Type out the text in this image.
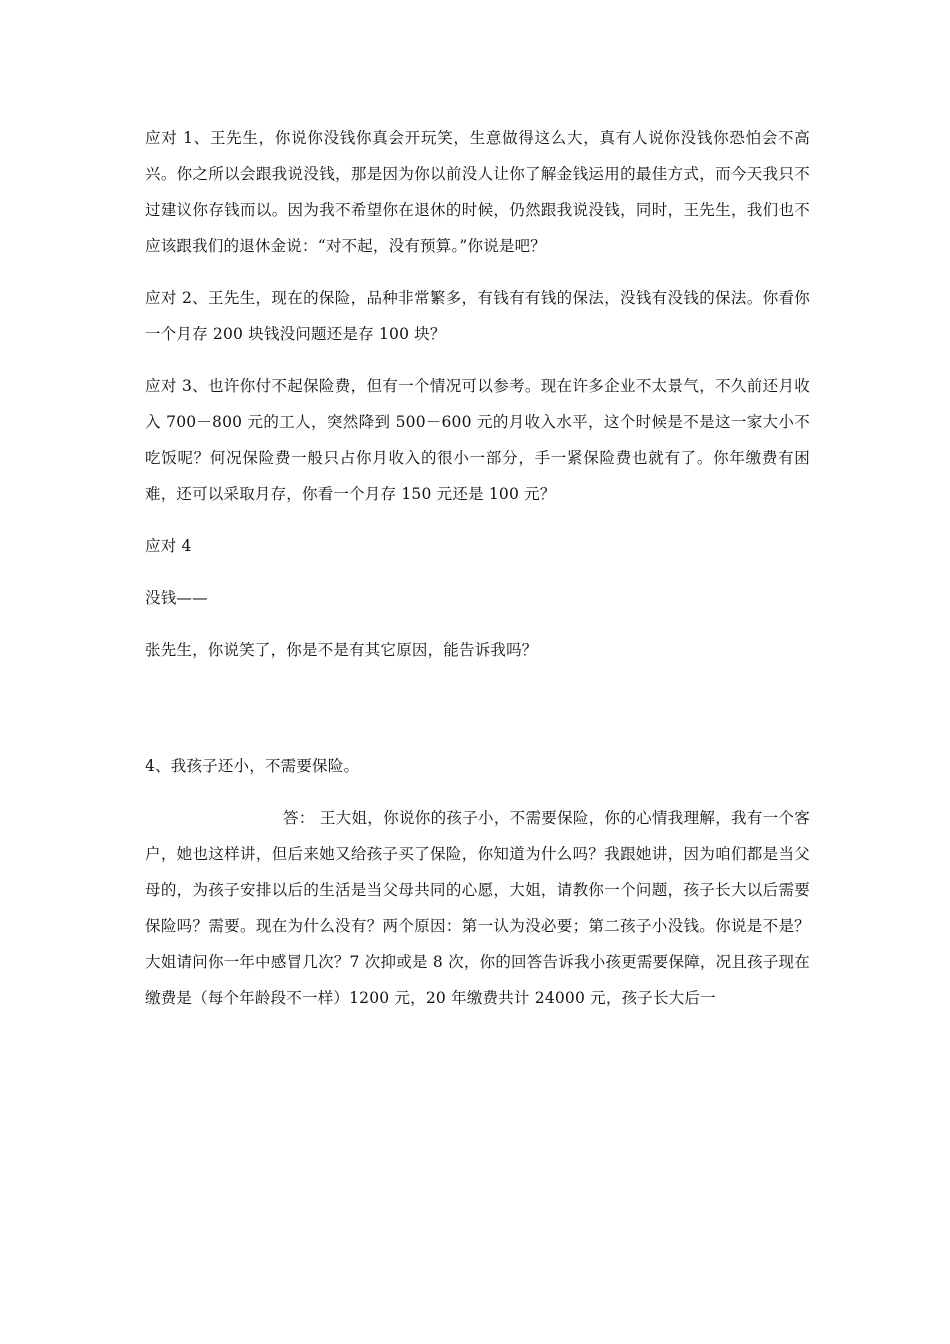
应对 1、王先生，你说你没钱你真会开玩笑，生意做得这么大，真有人说你没钱你恐怕会不高兴。你之所以会跟我说没钱，那是因为你以前没人让你了解金钱运用的最佳方式，而今天我只不过建议你存钱而以。因为我不希望你在退休的时候，仍然跟我说没钱，同时，王先生，我们也不应该跟我们的退休金说：“对不起，没有预算。”你说是吧？

应对 2、王先生，现在的保险，品种非常繁多，有钱有有钱的保法，没钱有没钱的保法。你看你一个月存 200 块钱没问题还是存 100 块？

应对 3、也许你付不起保险费，但有一个情况可以参考。现在许多企业不太景气，不久前还月收入 700－800 元的工人，突然降到 500－600 元的月收入水平，这个时候是不是这一家大小不吃饭呢？何况保险费一般只占你月收入的很小一部分，手一紧保险费也就有了。你年缴费有困难，还可以采取月存，你看一个月存 150 元还是 100 元？

应对 4

没钱——

张先生，你说笑了，你是不是有其它原因，能告诉我吗？

4、我孩子还小，不需要保险。

答： 王大姐，你说你的孩子小，不需要保险，你的心情我理解，我有一个客户，她也这样讲，但后来她又给孩子买了保险，你知道为什么吗？我跟她讲，因为咱们都是当父母的，为孩子安排以后的生活是当父母共同的心愿，大姐，请教你一个问题，孩子长大以后需要保险吗？需要。现在为什么没有？两个原因：第一认为没必要；第二孩子小没钱。你说是不是？大姐请问你一年中感冒几次？7 次抑或是 8 次，你的回答告诉我小孩更需要保障，况且孩子现在缴费是（每个年龄段不一样）1200 元，20 年缴费共计 24000 元，孩子长大后一
